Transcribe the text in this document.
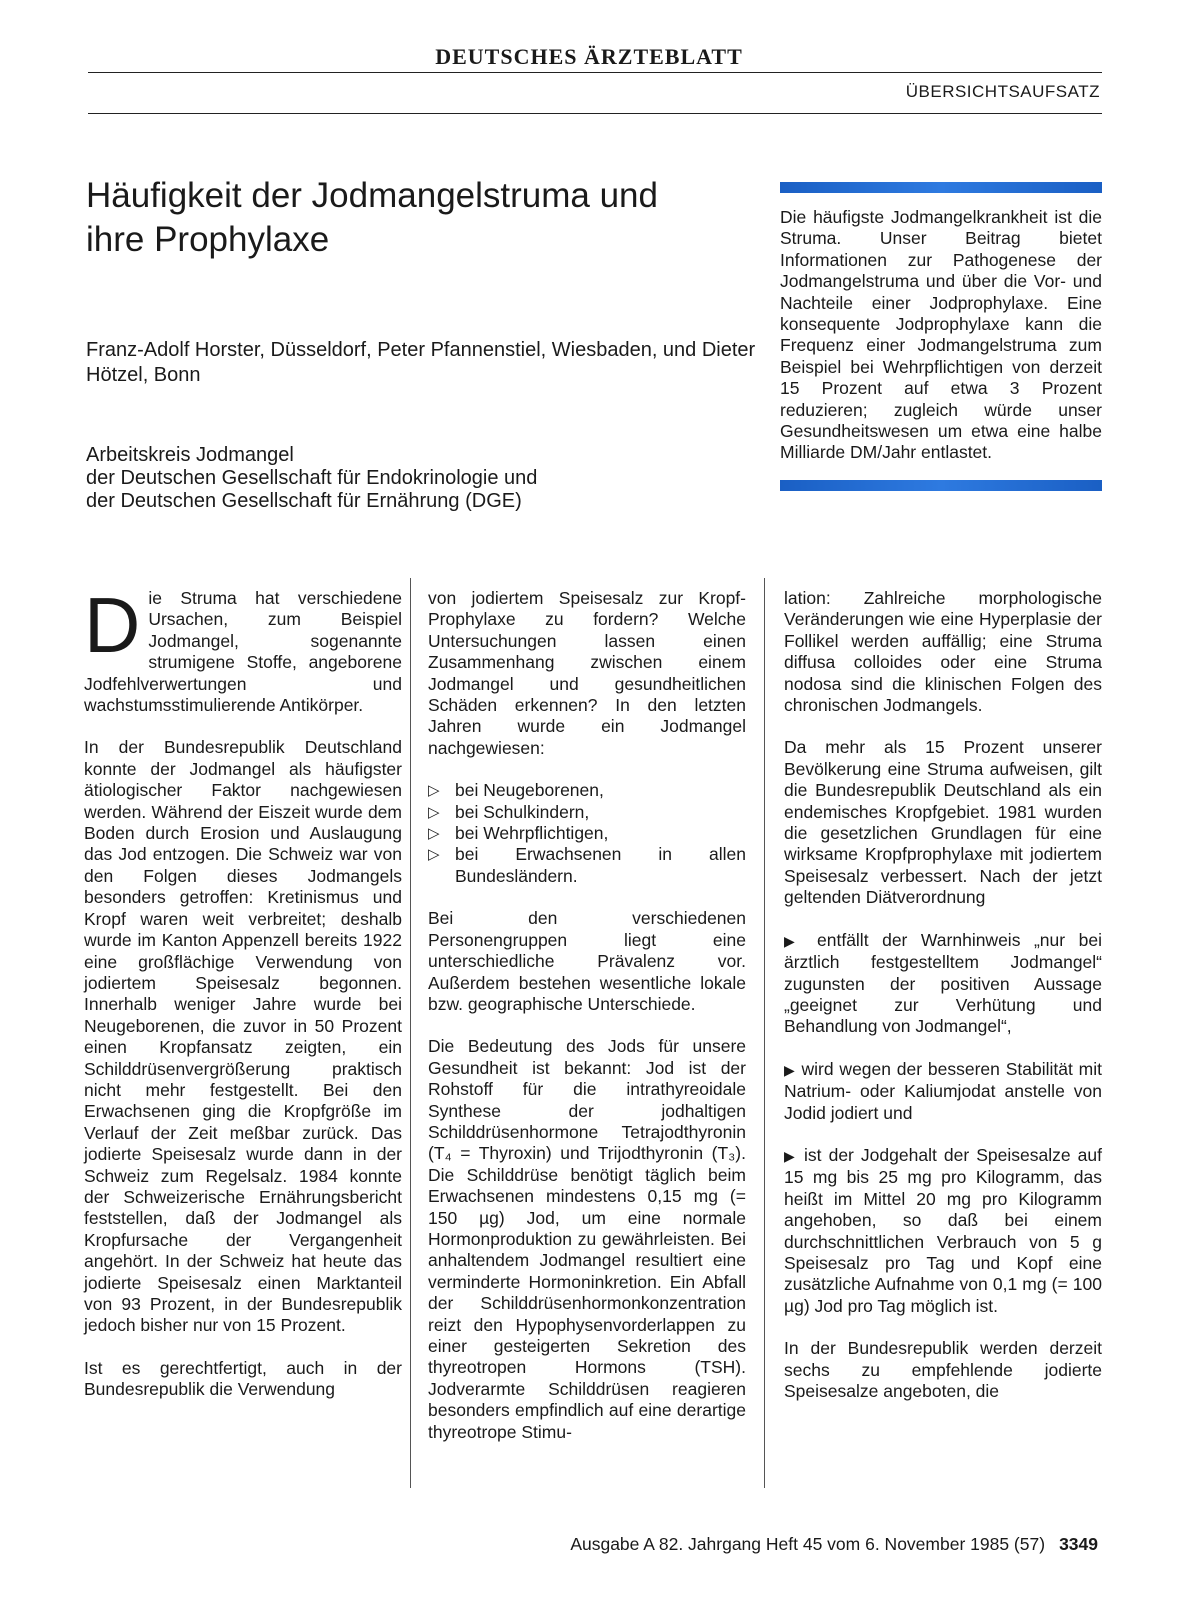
DEUTSCHES ÄRZTEBLATT
ÜBERSICHTSAUFSATZ
Häufigkeit der Jodmangelstruma und ihre Prophylaxe
Franz-Adolf Horster, Düsseldorf, Peter Pfannenstiel, Wiesbaden, und Dieter Hötzel, Bonn
Arbeitskreis Jodmangel
der Deutschen Gesellschaft für Endokrinologie und
der Deutschen Gesellschaft für Ernährung (DGE)
Die häufigste Jodmangelkrankheit ist die Struma. Unser Beitrag bietet Informationen zur Pathogenese der Jodmangelstruma und über die Vor- und Nachteile einer Jodprophylaxe. Eine konsequente Jodprophylaxe kann die Frequenz einer Jodmangelstruma zum Beispiel bei Wehrpflichtigen von derzeit 15 Prozent auf etwa 3 Prozent reduzieren; zugleich würde unser Gesundheitswesen um etwa eine halbe Milliarde DM/Jahr entlastet.

Die Struma hat verschiedene Ursachen, zum Beispiel Jodmangel, sogenannte strumigene Stoffe, angeborene Jodfehlverwertungen und wachstumsstimulierende Antikörper.

In der Bundesrepublik Deutschland konnte der Jodmangel als häufigster ätiologischer Faktor nachgewiesen werden. Während der Eiszeit wurde dem Boden durch Erosion und Auslaugung das Jod entzogen. Die Schweiz war von den Folgen dieses Jodmangels besonders getroffen: Kretinismus und Kropf waren weit verbreitet; deshalb wurde im Kanton Appenzell bereits 1922 eine großflächige Verwendung von jodiertem Speisesalz begonnen. Innerhalb weniger Jahre wurde bei Neugeborenen, die zuvor in 50 Prozent einen Kropfansatz zeigten, ein Schilddrüsenvergrößerung praktisch nicht mehr festgestellt. Bei den Erwachsenen ging die Kropfgröße im Verlauf der Zeit meßbar zurück. Das jodierte Speisesalz wurde dann in der Schweiz zum Regelsalz. 1984 konnte der Schweizerische Ernährungsbericht feststellen, daß der Jodmangel als Kropfursache der Vergangenheit angehört. In der Schweiz hat heute das jodierte Speisesalz einen Marktanteil von 93 Prozent, in der Bundesrepublik jedoch bisher nur von 15 Prozent.

Ist es gerechtfertigt, auch in der Bundesrepublik die Verwendung

von jodiertem Speisesalz zur Kropf-Prophylaxe zu fordern? Welche Untersuchungen lassen einen Zusammenhang zwischen einem Jodmangel und gesundheitlichen Schäden erkennen? In den letzten Jahren wurde ein Jodmangel nachgewiesen:

▷ bei Neugeborenen,
▷ bei Schulkindern,
▷ bei Wehrpflichtigen,
▷ bei Erwachsenen in allen Bundesländern.

Bei den verschiedenen Personengruppen liegt eine unterschiedliche Prävalenz vor. Außerdem bestehen wesentliche lokale bzw. geographische Unterschiede.

Die Bedeutung des Jods für unsere Gesundheit ist bekannt: Jod ist der Rohstoff für die intrathyreoidale Synthese der jodhaltigen Schilddrüsenhormone Tetrajodthyronin (T₄ = Thyroxin) und Trijodthyronin (T₃). Die Schilddrüse benötigt täglich beim Erwachsenen mindestens 0,15 mg (= 150 µg) Jod, um eine normale Hormonproduktion zu gewährleisten. Bei anhaltendem Jodmangel resultiert eine verminderte Hormoninkretion. Ein Abfall der Schilddrüsenhormonkonzentration reizt den Hypophysenvorderlappen zu einer gesteigerten Sekretion des thyreotropen Hormons (TSH). Jodverarmte Schilddrüsen reagieren besonders empfindlich auf eine derartige thyreotrope Stimu-

lation: Zahlreiche morphologische Veränderungen wie eine Hyperplasie der Follikel werden auffällig; eine Struma diffusa colloides oder eine Struma nodosa sind die klinischen Folgen des chronischen Jodmangels.

Da mehr als 15 Prozent unserer Bevölkerung eine Struma aufweisen, gilt die Bundesrepublik Deutschland als ein endemisches Kropfgebiet. 1981 wurden die gesetzlichen Grundlagen für eine wirksame Kropfprophylaxe mit jodiertem Speisesalz verbessert. Nach der jetzt geltenden Diätverordnung

▶ entfällt der Warnhinweis „nur bei ärztlich festgestelltem Jodmangel“ zugunsten der positiven Aussage „geeignet zur Verhütung und Behandlung von Jodmangel“,

▶ wird wegen der besseren Stabilität mit Natrium- oder Kaliumjodat anstelle von Jodid jodiert und

▶ ist der Jodgehalt der Speisesalze auf 15 mg bis 25 mg pro Kilogramm, das heißt im Mittel 20 mg pro Kilogramm angehoben, so daß bei einem durchschnittlichen Verbrauch von 5 g Speisesalz pro Tag und Kopf eine zusätzliche Aufnahme von 0,1 mg (= 100 µg) Jod pro Tag möglich ist.

In der Bundesrepublik werden derzeit sechs zu empfehlende jodierte Speisesalze angeboten, die

Ausgabe A 82. Jahrgang Heft 45 vom 6. November 1985 (57) 3349
